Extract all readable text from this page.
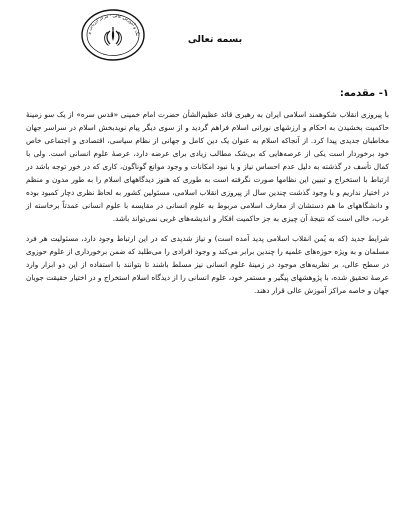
نگ و آموزش عالی · مرکز ارزیابی و
بسمه تعالی
۱- مقدمه:

با پیروزی انقلاب شکوهمند اسلامی ایران به رهبری قائد عظیم‌الشأن حضرت امام خمینی «قدس سره» از یک سو زمینهٔ حاکمیت بخشیدن به احکام و ارزشهای نورانی اسلام فراهم گردید و از سوی دیگر پیام نویدبخش اسلام در سراسر جهان مخاطبان جدیدی پیدا کرد. از آنجاکه اسلام به عنوان یک دین کامل و جهانی از نظام سیاسی، اقتصادی و اجتماعی خاص خود برخوردار است یکی از عرصه‌هایی که بی‌شک مطالب زیادی برای عرضه دارد، عرصهٔ علوم انسانی است. ولی با کمال تأسف در گذشته به دلیل عدم احساس نیاز و یا نبود امکانات و وجود موانع گوناگون، کاری که در خور توجه باشد در ارتباط با استخراج و تبیین این نظامها صورت نگرفته است به طوری که هنوز دیدگاههای اسلام را به طور مدون و منظم در اختیار نداریم و با وجود گذشت چندین سال از پیروزی انقلاب اسلامی، مسئولین کشور به لحاظ نظری دچار کمبود بوده و دانشگاههای ما هم دستشان از معارف اسلامی مربوط به علوم انسانی در مقایسه با علوم انسانی عمدتاً برخاسته از غرب، خالی است که نتیجهٔ آن چیزی به جز حاکمیت افکار و اندیشه‌های غربی نمی‌تواند باشد.

شرایط جدید (که به یُمن انقلاب اسلامی پدید آمده است) و نیاز شدیدی که در این ارتباط وجود دارد، مسئولیت هر فرد مسلمان و به ویژه حوزه‌های علمیه را چندین برابر می‌کند و وجود افرادی را می‌طلبد که ضمن برخورداری از علوم حوزوی در سطح عالی، بر نظریه‌های موجود در زمینهٔ علوم انسانی نیز مسلط باشند تا بتوانند با استفاده از این دو ابزار وارد عرصهٔ تحقیق شده، با پژوهشهای پیگیر و مستمر خود، علوم انسانی را از دیدگاه اسلام استخراج و در اختیار حقیقت جویان جهان و خاصه مراکز آموزش عالی قرار دهند.
